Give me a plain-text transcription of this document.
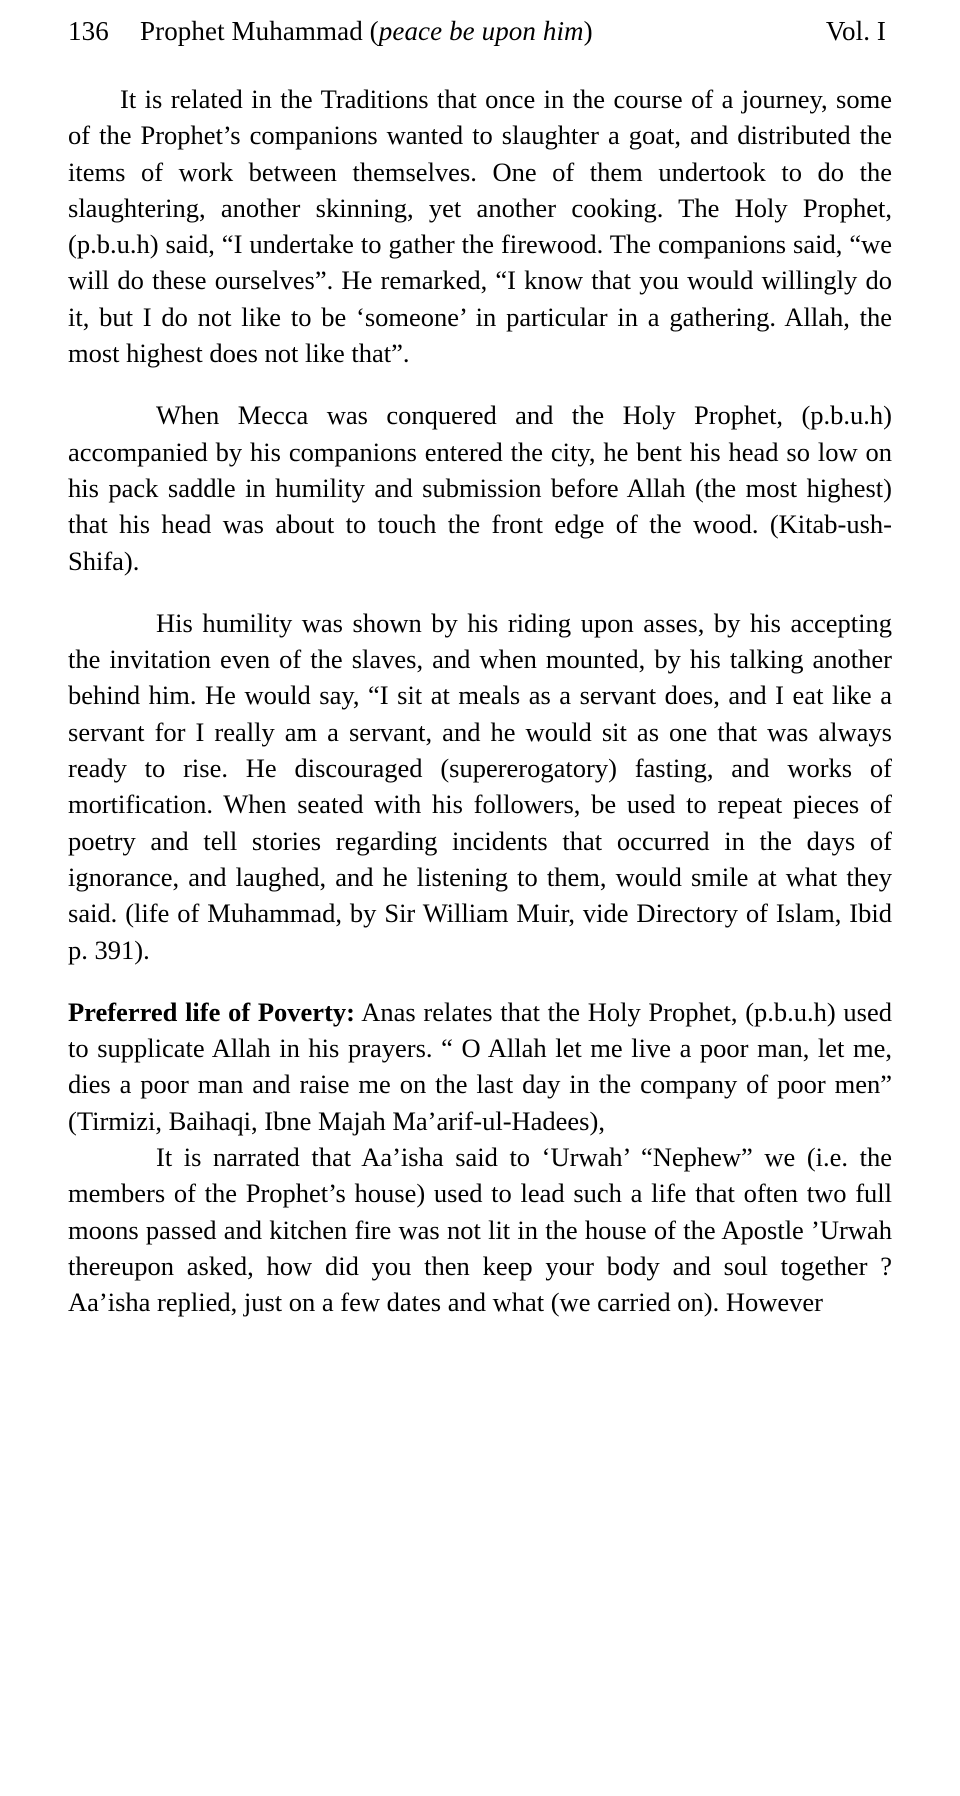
136	Prophet Muhammad (peace be upon him)	Vol. I

It is related in the Traditions that once in the course of a journey, some of the Prophet’s companions wanted to slaughter a goat, and distributed the items of work between themselves. One of them undertook to do the slaughtering, another skinning, yet another cooking. The Holy Prophet, (p.b.u.h) said, “I undertake to gather the firewood. The companions said, “we will do these ourselves”. He remarked, “I know that you would willingly do it, but I do not like to be ‘someone’ in particular in a gathering. Allah, the most highest does not like that”.

When Mecca was conquered and the Holy Prophet, (p.b.u.h) accompanied by his companions entered the city, he bent his head so low on his pack saddle in humility and submission before Allah (the most highest) that his head was about to touch the front edge of the wood. (Kitab-ush-Shifa).

His humility was shown by his riding upon asses, by his accepting the invitation even of the slaves, and when mounted, by his talking another behind him. He would say, “I sit at meals as a servant does, and I eat like a servant for I really am a servant, and he would sit as one that was always ready to rise. He discouraged (supererogatory) fasting, and works of mortification. When seated with his followers, be used to repeat pieces of poetry and tell stories regarding incidents that occurred in the days of ignorance, and laughed, and he listening to them, would smile at what they said. (life of Muhammad, by Sir William Muir, vide Directory of Islam, Ibid p. 391).

Preferred life of Poverty: Anas relates that the Holy Prophet, (p.b.u.h) used to supplicate Allah in his prayers. “ O Allah let me live a poor man, let me, dies a poor man and raise me on the last day in the company of poor men” (Tirmizi, Baihaqi, Ibne Majah Ma’arif-ul-Hadees),

It is narrated that Aa’isha said to ‘Urwah’ “Nephew” we (i.e. the members of the Prophet’s house) used to lead such a life that often two full moons passed and kitchen fire was not lit in the house of the Apostle ’Urwah thereupon asked, how did you then keep your body and soul together ? Aa’isha replied, just on a few dates and what (we carried on). However
